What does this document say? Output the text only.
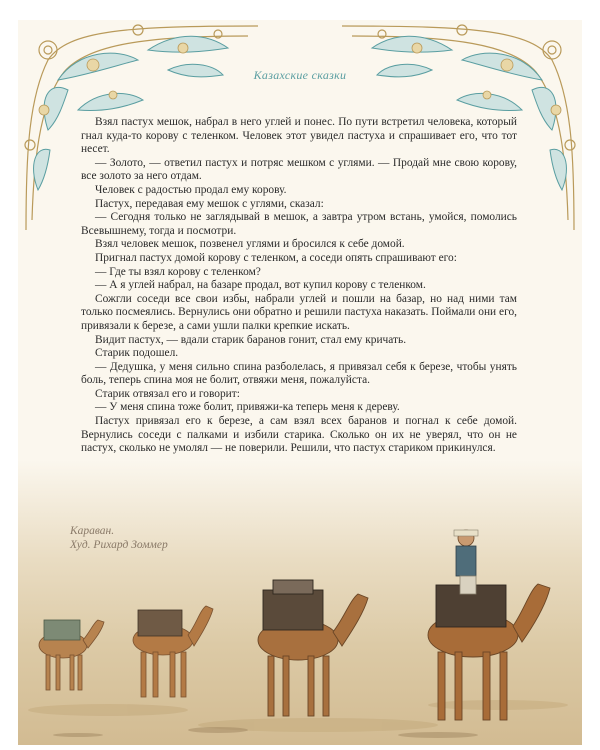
Казахские сказки

Взял пастух мешок, набрал в него углей и понес. По пути встретил человека, который гнал куда-то корову с теленком. Человек этот увидел пастуха и спрашивает его, что тот несет.

— Золото, — ответил пастух и потряс мешком с углями. — Продай мне свою корову, все золото за него отдам.

Человек с радостью продал ему корову.

Пастух, передавая ему мешок с углями, сказал:

— Сегодня только не заглядывай в мешок, а завтра утром встань, умойся, помолись Всевышнему, тогда и посмотри.

Взял человек мешок, позвенел углями и бросился к себе домой.

Пригнал пастух домой корову с теленком, а соседи опять спрашивают его:

— Где ты взял корову с теленком?

— А я углей набрал, на базаре продал, вот купил корову с теленком.

Сожгли соседи все свои избы, набрали углей и пошли на базар, но над ними там только посмеялись. Вернулись они обратно и решили пастуха наказать. Поймали они его, привязали к березе, а сами ушли палки крепкие искать.

Видит пастух, — вдали старик баранов гонит, стал ему кричать.

Старик подошел.

— Дедушка, у меня сильно спина разболелась, я привязал себя к березе, чтобы унять боль, теперь спина моя не болит, отвяжи меня, пожалуйста.

Старик отвязал его и говорит:

— У меня спина тоже болит, привяжи-ка теперь меня к дереву.

Пастух привязал его к березе, а сам взял всех баранов и погнал к себе домой. Вернулись соседи с палками и избили старика. Сколько он их не уверял, что он не пастух, сколько не умолял — не поверили. Решили, что пастух стариком прикинулся.

Караван.
Худ. Рихард Зоммер
